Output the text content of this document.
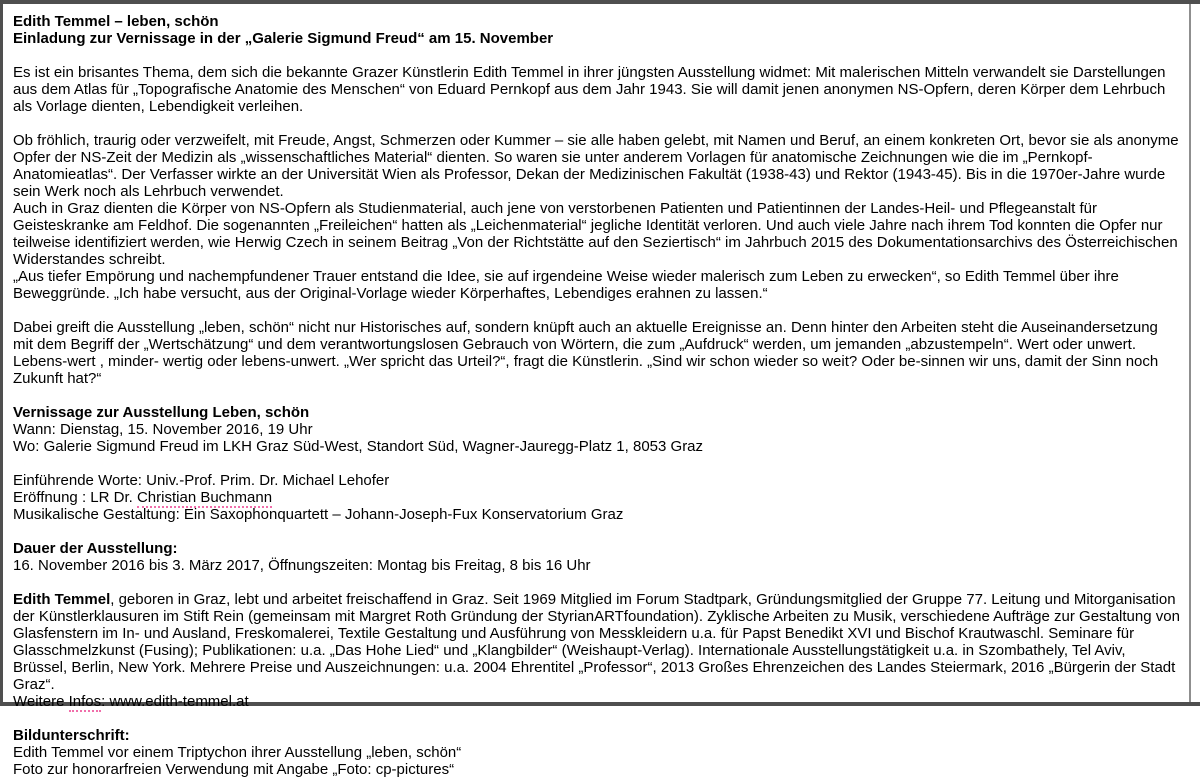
Edith Temmel – leben, schön

Einladung zur Vernissage in der „Galerie Sigmund Freud“ am 15. November

Es ist ein brisantes Thema, dem sich die bekannte Grazer Künstlerin Edith Temmel in ihrer jüngsten Ausstellung widmet: Mit malerischen Mitteln verwandelt sie Darstellungen aus dem Atlas für „Topografische Anatomie des Menschen“ von Eduard Pernkopf aus dem Jahr 1943. Sie will damit jenen anonymen NS-Opfern, deren Körper dem Lehrbuch als Vorlage dienten, Lebendigkeit verleihen.

Ob fröhlich, traurig oder verzweifelt, mit Freude, Angst, Schmerzen oder Kummer – sie alle haben gelebt, mit Namen und Beruf, an einem konkreten Ort, bevor sie als anonyme Opfer der NS-Zeit der Medizin als „wissenschaftliches Material“ dienten. So waren sie unter anderem Vorlagen für anatomische Zeichnungen wie die im „Pernkopf-Anatomieatlas“. Der Verfasser wirkte an der Universität Wien als Professor, Dekan der Medizinischen Fakultät (1938-43) und Rektor (1943-45). Bis in die 1970er-Jahre wurde sein Werk noch als Lehrbuch verwendet.

Auch in Graz dienten die Körper von NS-Opfern als Studienmaterial, auch jene von verstorbenen Patienten und Patientinnen der Landes-Heil- und Pflegeanstalt für Geisteskranke am Feldhof. Die sogenannten „Freileichen“ hatten als „Leichenmaterial“ jegliche Identität verloren. Und auch viele Jahre nach ihrem Tod konnten die Opfer nur teilweise identifiziert werden, wie Herwig Czech in seinem Beitrag „Von der Richtstätte auf den Seziertisch“ im Jahrbuch 2015 des Dokumentationsarchivs des Österreichischen Widerstandes schreibt.

„Aus tiefer Empörung und nachempfundener Trauer entstand die Idee, sie auf irgendeine Weise wieder malerisch zum Leben zu erwecken“, so Edith Temmel über ihre Beweggründe. „Ich habe versucht, aus der Original-Vorlage wieder Körperhaftes, Lebendiges erahnen zu lassen.“

Dabei greift die Ausstellung „leben, schön“ nicht nur Historisches auf, sondern knüpft auch an aktuelle Ereignisse an. Denn hinter den Arbeiten steht die Auseinandersetzung mit dem Begriff der „Wertschätzung“ und dem verantwortungslosen Gebrauch von Wörtern, die zum „Aufdruck“ werden, um jemanden „abzustempeln“. Wert oder unwert. Lebens-wert , minder- wertig oder lebens-unwert. „Wer spricht das Urteil?“, fragt die Künstlerin. „Sind wir schon wieder so weit? Oder be-sinnen wir uns, damit der Sinn noch Zukunft hat?“

Vernissage zur Ausstellung Leben, schön

Wann: Dienstag, 15. November 2016, 19 Uhr

Wo: Galerie Sigmund Freud im LKH Graz Süd-West, Standort Süd, Wagner-Jauregg-Platz 1, 8053 Graz

Einführende Worte: Univ.-Prof. Prim. Dr. Michael Lehofer

Eröffnung : LR Dr. Christian Buchmann

Musikalische Gestaltung: Ein Saxophonquartett – Johann-Joseph-Fux Konservatorium Graz

Dauer der Ausstellung:

16. November 2016 bis 3. März 2017, Öffnungszeiten: Montag bis Freitag, 8 bis 16 Uhr

Edith Temmel, geboren in Graz, lebt und arbeitet freischaffend in Graz. Seit 1969 Mitglied im Forum Stadtpark, Gründungsmitglied der Gruppe 77. Leitung und Mitorganisation der Künstlerklausuren im Stift Rein (gemeinsam mit Margret Roth Gründung der StyrianARTfoundation). Zyklische Arbeiten zu Musik, verschiedene Aufträge zur Gestaltung von Glasfenstern im In- und Ausland, Freskomalerei, Textile Gestaltung und Ausführung von Messkleidern u.a. für Papst Benedikt XVI und Bischof Krautwaschl. Seminare für Glasschmelzkunst (Fusing); Publikationen: u.a. „Das Hohe Lied“ und „Klangbilder“ (Weishaupt-Verlag). Internationale Ausstellungstätigkeit u.a. in Szombathely, Tel Aviv, Brüssel, Berlin, New York. Mehrere Preise und Auszeichnungen: u.a. 2004 Ehrentitel „Professor“, 2013 Großes Ehrenzeichen des Landes Steiermark, 2016 „Bürgerin der Stadt Graz“.

Weitere Infos: www.edith-temmel.at

Bildunterschrift:

Edith Temmel vor einem Triptychon ihrer Ausstellung „leben, schön“

Foto zur honorarfreien Verwendung mit Angabe „Foto: cp-pictures“
